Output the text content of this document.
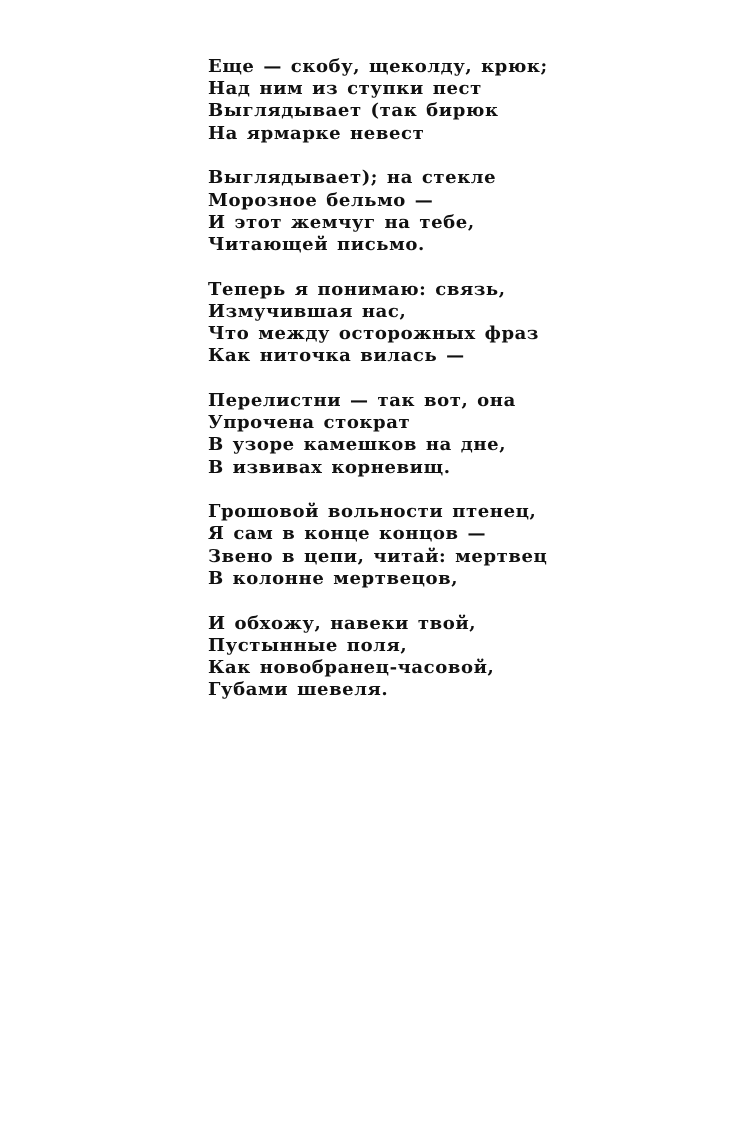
Еще — скобу, щеколду, крюк;
Над ним из ступки пест
Выглядывает (так бирюк
На ярмарке невест
Выглядывает); на стекле
Морозное бельмо —
И этот жемчуг на тебе,
Читающей письмо.
Теперь я понимаю: связь,
Измучившая нас,
Что между осторожных фраз
Как ниточка вилась —
Перелистни — так вот, она
Упрочена стократ
В узоре камешков на дне,
В извивах корневищ.
Грошовой вольности птенец,
Я сам в конце концов —
Звено в цепи, читай: мертвец
В колонне мертвецов,
И обхожу, навеки твой,
Пустынные поля,
Как новобранец-часовой,
Губами шевеля.
